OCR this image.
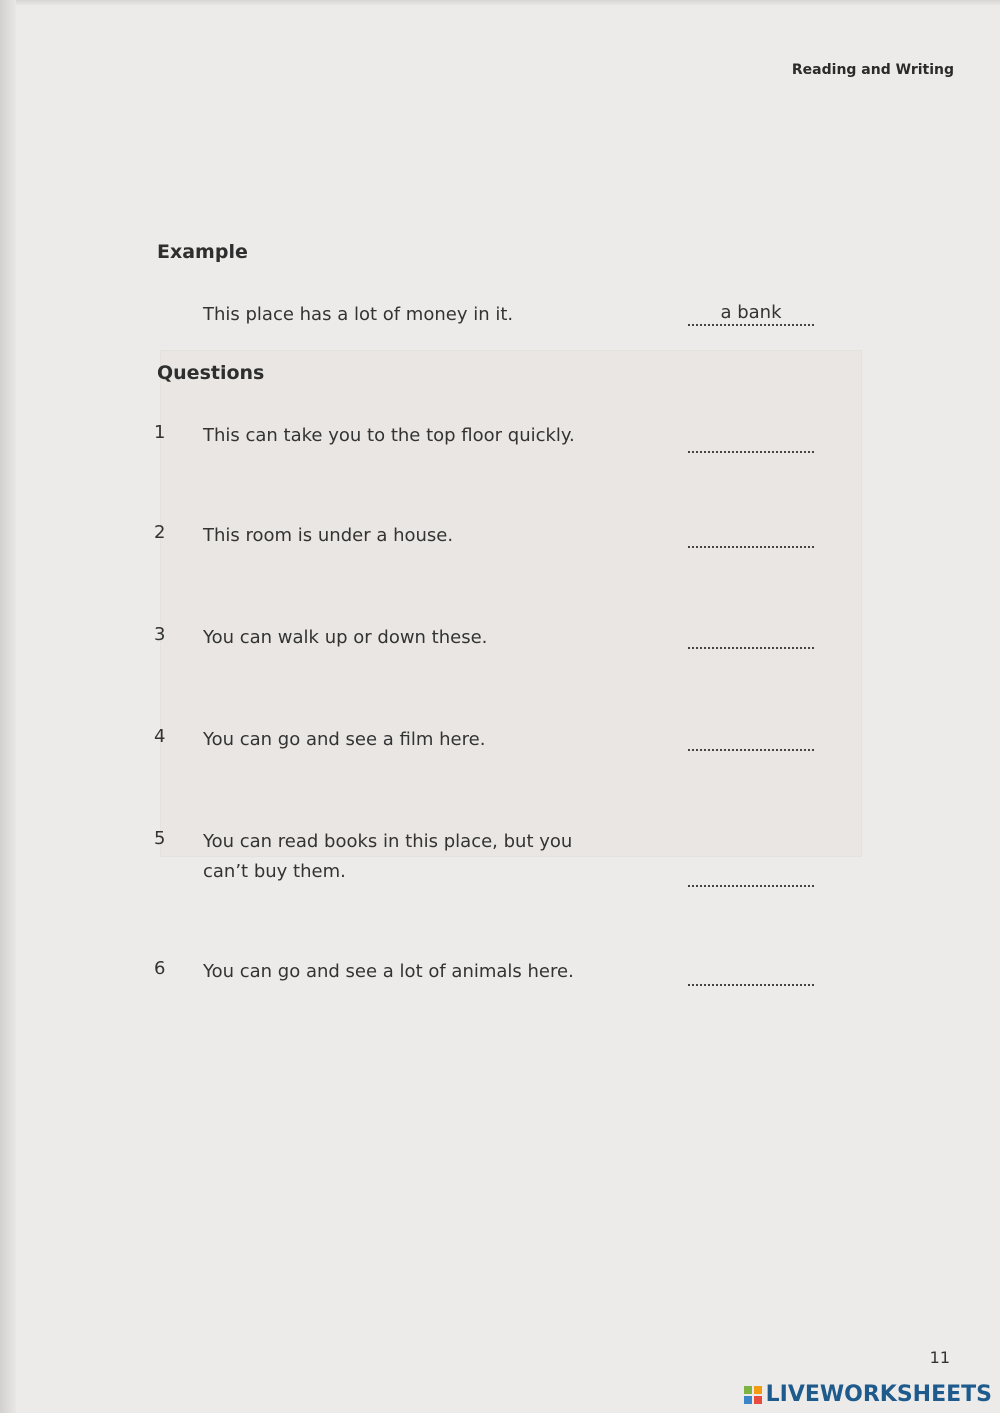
Reading and Writing
Example
This place has a lot of money in it.	a bank
Questions
1 This can take you to the top floor quickly.
2 This room is under a house.
3 You can walk up or down these.
4 You can go and see a film here.
5 You can read books in this place, but you can’t buy them.
6 You can go and see a lot of animals here.
11
LIVEWORKSHEETS
